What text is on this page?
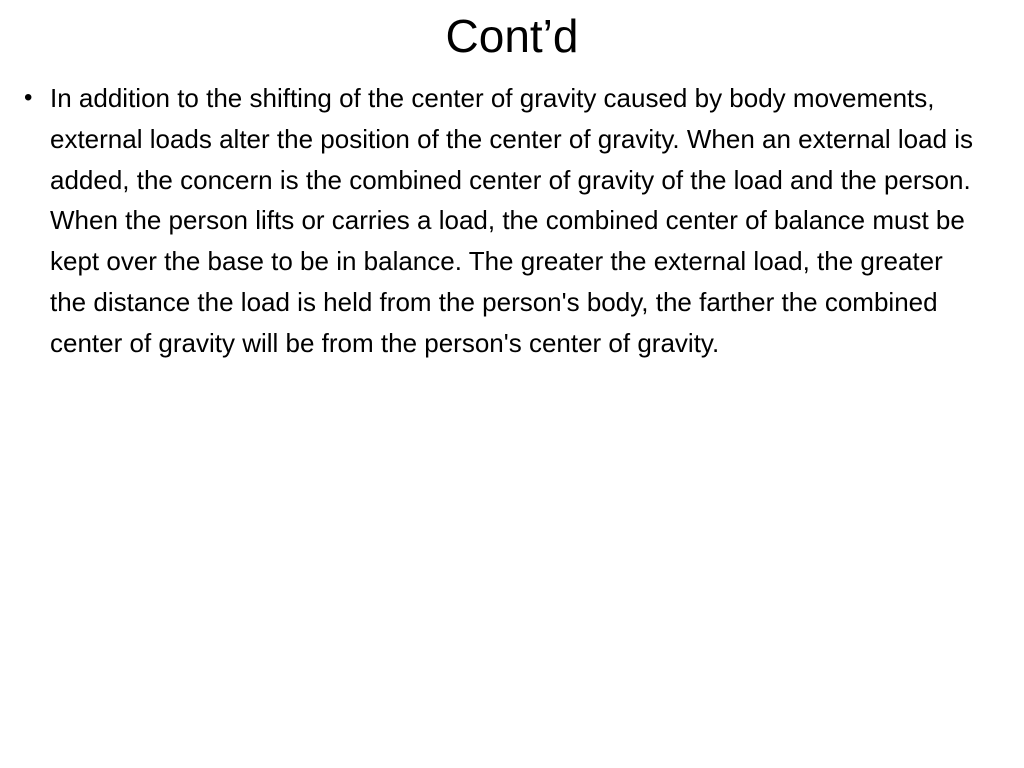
Cont’d
• In addition to the shifting of the center of gravity caused by body movements, external loads alter the position of the center of gravity. When an external load is added, the concern is the combined center of gravity of the load and the person. When the person lifts or carries a load, the combined center of balance must be kept over the base to be in balance. The greater the external load, the greater the distance the load is held from the person's body, the farther the combined center of gravity will be from the person's center of gravity.
